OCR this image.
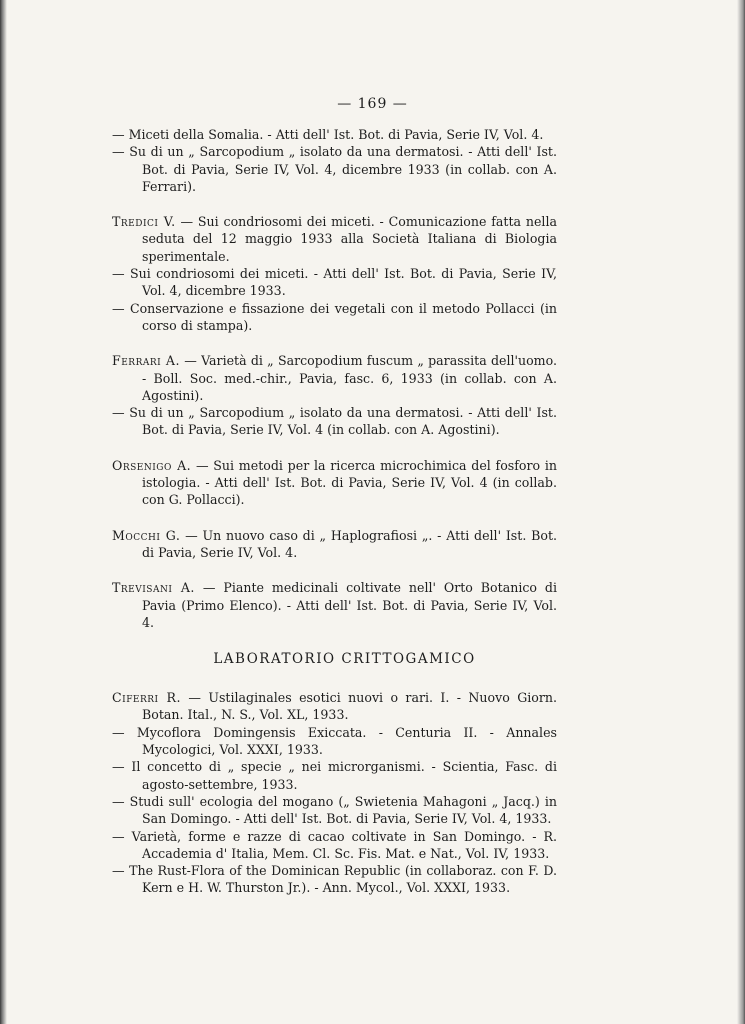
— 169 —
— Miceti della Somalia. - Atti dell' Ist. Bot. di Pavia, Serie IV, Vol. 4.
— Su di un „ Sarcopodium „ isolato da una dermatosi. - Atti dell' Ist. Bot. di Pavia, Serie IV, Vol. 4, dicembre 1933 (in collab. con A. Ferrari).
Tredici V. — Sui condriosomi dei miceti. - Comunicazione fatta nella seduta del 12 maggio 1933 alla Società Italiana di Biologia sperimentale.
— Sui condriosomi dei miceti. - Atti dell' Ist. Bot. di Pavia, Serie IV, Vol. 4, dicembre 1933.
— Conservazione e fissazione dei vegetali con il metodo Pollacci (in corso di stampa).
Ferrari A. — Varietà di „ Sarcopodium fuscum „ parassita dell'uomo. - Boll. Soc. med.-chir., Pavia, fasc. 6, 1933 (in collab. con A. Agostini).
— Su di un „ Sarcopodium „ isolato da una dermatosi. - Atti dell' Ist. Bot. di Pavia, Serie IV, Vol. 4 (in collab. con A. Agostini).
Orsenigo A. — Sui metodi per la ricerca microchimica del fosforo in istologia. - Atti dell' Ist. Bot. di Pavia, Serie IV, Vol. 4 (in collab. con G. Pollacci).
Mocchi G. — Un nuovo caso di „ Haplografiosi „. - Atti dell' Ist. Bot. di Pavia, Serie IV, Vol. 4.
Trevisani A. — Piante medicinali coltivate nell' Orto Botanico di Pavia (Primo Elenco). - Atti dell' Ist. Bot. di Pavia, Serie IV, Vol. 4.
LABORATORIO CRITTOGAMICO
Ciferri R. — Ustilaginales esotici nuovi o rari. I. - Nuovo Giorn. Botan. Ital., N. S., Vol. XL, 1933.
— Mycoflora Domingensis Exiccata. - Centuria II. - Annales Mycologici, Vol. XXXI, 1933.
— Il concetto di „ specie „ nei microrganismi. - Scientia, Fasc. di agosto-settembre, 1933.
— Studi sull' ecologia del mogano („ Swietenia Mahagoni „ Jacq.) in San Domingo. - Atti dell' Ist. Bot. di Pavia, Serie IV, Vol. 4, 1933.
— Varietà, forme e razze di cacao coltivate in San Domingo. - R. Accademia d' Italia, Mem. Cl. Sc. Fis. Mat. e Nat., Vol. IV, 1933.
— The Rust-Flora of the Dominican Republic (in collaboraz. con F. D. Kern e H. W. Thurston Jr.). - Ann. Mycol., Vol. XXXI, 1933.
